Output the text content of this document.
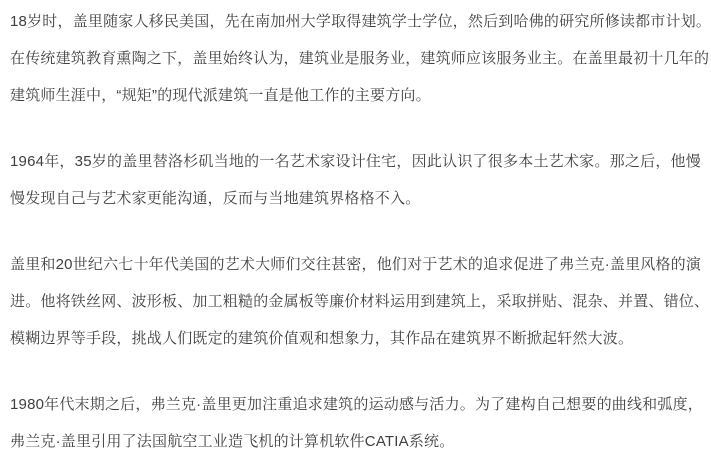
18岁时，盖里随家人移民美国，先在南加州大学取得建筑学士学位，然后到哈佛的研究所修读都市计划。
在传统建筑教育熏陶之下，盖里始终认为，建筑业是服务业，建筑师应该服务业主。在盖里最初十几年的
建筑师生涯中，“规矩”的现代派建筑一直是他工作的主要方向。
1964年，35岁的盖里替洛杉矶当地的一名艺术家设计住宅，因此认识了很多本土艺术家。那之后，他慢
慢发现自己与艺术家更能沟通，反而与当地建筑界格格不入。
盖里和20世纪六七十年代美国的艺术大师们交往甚密，他们对于艺术的追求促进了弗兰克·盖里风格的演
进。他将铁丝网、波形板、加工粗糙的金属板等廉价材料运用到建筑上，采取拼贴、混杂、并置、错位、
模糊边界等手段，挑战人们既定的建筑价值观和想象力，其作品在建筑界不断掀起轩然大波。
1980年代末期之后，弗兰克·盖里更加注重追求建筑的运动感与活力。为了建构自己想要的曲线和弧度，
弗兰克·盖里引用了法国航空工业造飞机的计算机软件CATIA系统。
